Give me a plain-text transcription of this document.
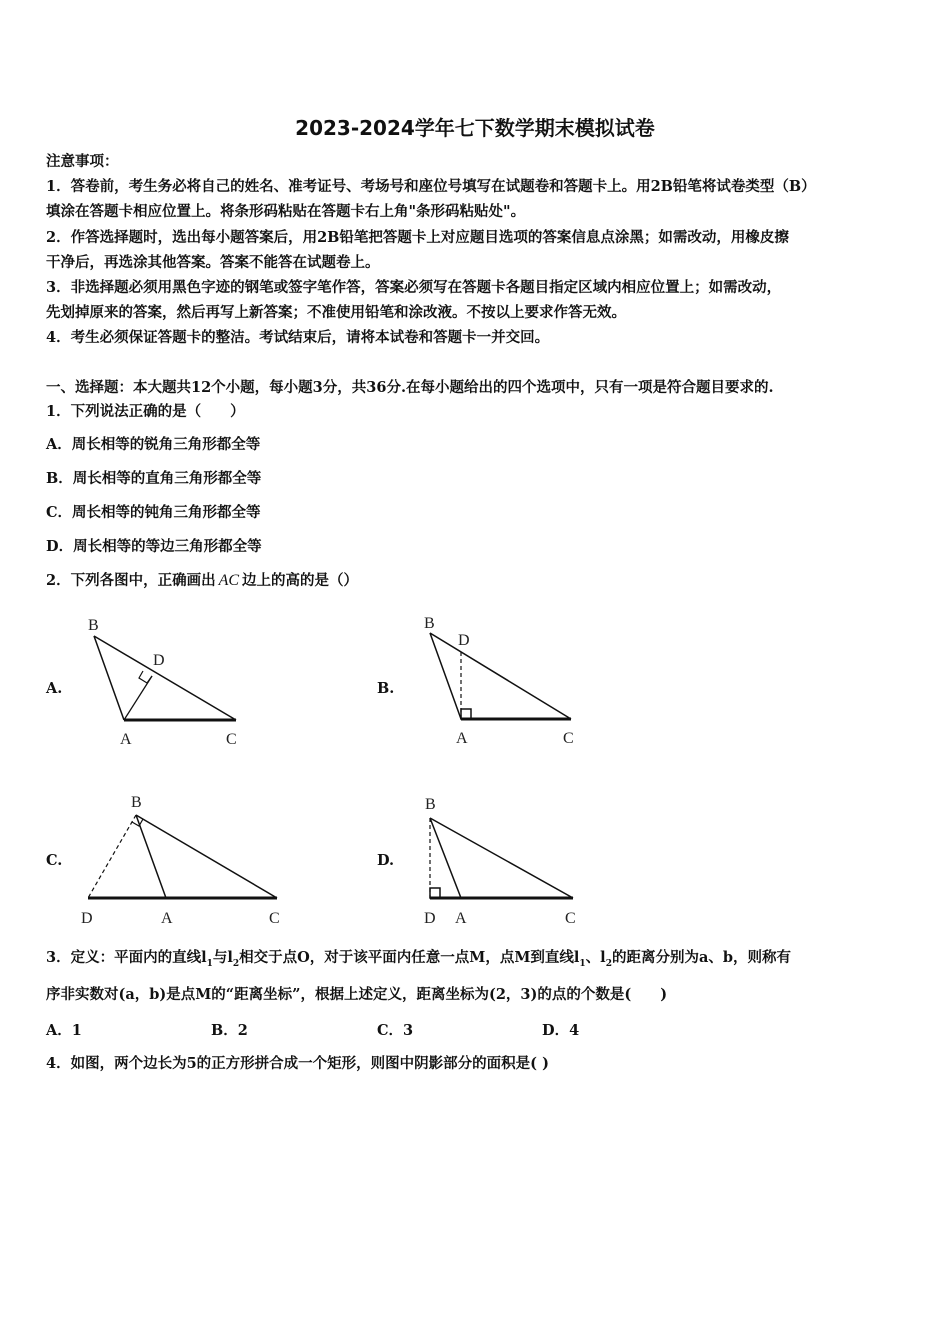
2023-2024学年七下数学期末模拟试卷
注意事项：
1．答卷前，考生务必将自己的姓名、准考证号、考场号和座位号填写在试题卷和答题卡上。用2B铅笔将试卷类型（B）
填涂在答题卡相应位置上。将条形码粘贴在答题卡右上角"条形码粘贴处"。
2．作答选择题时，选出每小题答案后，用2B铅笔把答题卡上对应题目选项的答案信息点涂黑；如需改动，用橡皮擦
干净后，再选涂其他答案。答案不能答在试题卷上。
3．非选择题必须用黑色字迹的钢笔或签字笔作答，答案必须写在答题卡各题目指定区域内相应位置上；如需改动，
先划掉原来的答案，然后再写上新答案；不准使用铅笔和涂改液。不按以上要求作答无效。
4．考生必须保证答题卡的整洁。考试结束后，请将本试卷和答题卡一并交回。
一、选择题：本大题共12个小题，每小题3分，共36分.在每小题给出的四个选项中，只有一项是符合题目要求的.
1．下列说法正确的是（　　）
A．周长相等的锐角三角形都全等
B．周长相等的直角三角形都全等
C．周长相等的钝角三角形都全等
D．周长相等的等边三角形都全等
2．下列各图中，正确画出 AC 边上的高的是（）
A.	B.
C.	D.
B
D
A	C
B
D
A	C
B
D	A	C
B
D A	C
3．定义：平面内的直线$l_1$与$l_2$相交于点O，对于该平面内任意一点M，点M到直线$l_1$、$l_2$的距离分别为a、b，则称有
序非实数对(a，b)是点M的“距离坐标”，根据上述定义，距离坐标为(2，3)的点的个数是(　　)
A．1	B．2	C．3	D．4
4．如图，两个边长为5的正方形拼合成一个矩形，则图中阴影部分的面积是( )
